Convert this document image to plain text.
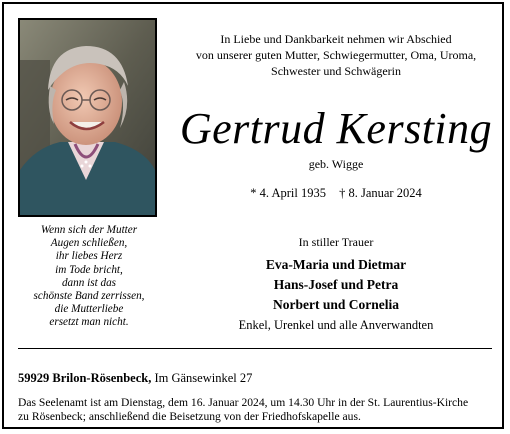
Wenn sich der Mutter
Augen schließen,
ihr liebes Herz
im Tode bricht,
dann ist das
schönste Band zerrissen,
die Mutterliebe
ersetzt man nicht.
In Liebe und Dankbarkeit nehmen wir Abschied
von unserer guten Mutter, Schwiegermutter, Oma, Uroma,
Schwester und Schwägerin
Gertrud Kersting
geb. Wigge
* 4. April 1935 † 8. Januar 2024
In stiller Trauer
Eva-Maria und Dietmar
Hans-Josef und Petra
Norbert und Cornelia
Enkel, Urenkel und alle Anverwandten
59929 Brilon-Rösenbeck, Im Gänsewinkel 27
Das Seelenamt ist am Dienstag, dem 16. Januar 2024, um 14.30 Uhr in der St. Laurentius-Kirche
zu Rösenbeck; anschließend die Beisetzung von der Friedhofskapelle aus.
